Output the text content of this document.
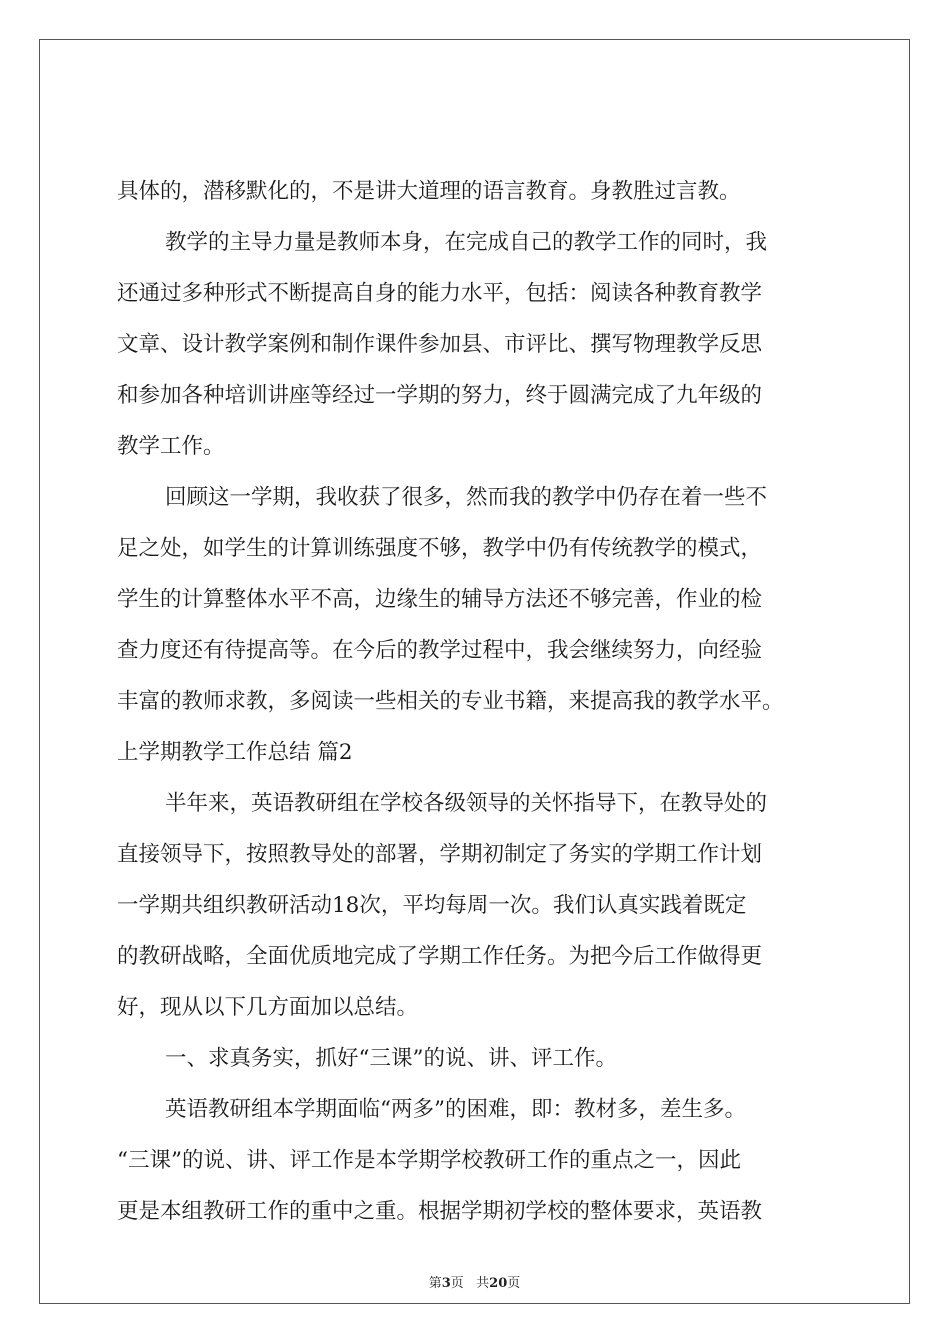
具体的，潜移默化的，不是讲大道理的语言教育。身教胜过言教。
教学的主导力量是教师本身，在完成自己的教学工作的同时，我
还通过多种形式不断提高自身的能力水平，包括：阅读各种教育教学
文章、设计教学案例和制作课件参加县、市评比、撰写物理教学反思
和参加各种培训讲座等经过一学期的努力，终于圆满完成了九年级的
教学工作。
回顾这一学期，我收获了很多，然而我的教学中仍存在着一些不
足之处，如学生的计算训练强度不够，教学中仍有传统教学的模式，
学生的计算整体水平不高，边缘生的辅导方法还不够完善，作业的检
查力度还有待提高等。在今后的教学过程中，我会继续努力，向经验
丰富的教师求教，多阅读一些相关的专业书籍，来提高我的教学水平。
上学期教学工作总结 篇2
半年来，英语教研组在学校各级领导的关怀指导下，在教导处的
直接领导下，按照教导处的部署，学期初制定了务实的学期工作计划
一学期共组织教研活动18次，平均每周一次。我们认真实践着既定
的教研战略，全面优质地完成了学期工作任务。为把今后工作做得更
好，现从以下几方面加以总结。
一、求真务实，抓好“三课”的说、讲、评工作。
英语教研组本学期面临“两多”的困难，即：教材多，差生多。
“三课”的说、讲、评工作是本学期学校教研工作的重点之一，因此
更是本组教研工作的重中之重。根据学期初学校的整体要求，英语教
第3页   共20页
